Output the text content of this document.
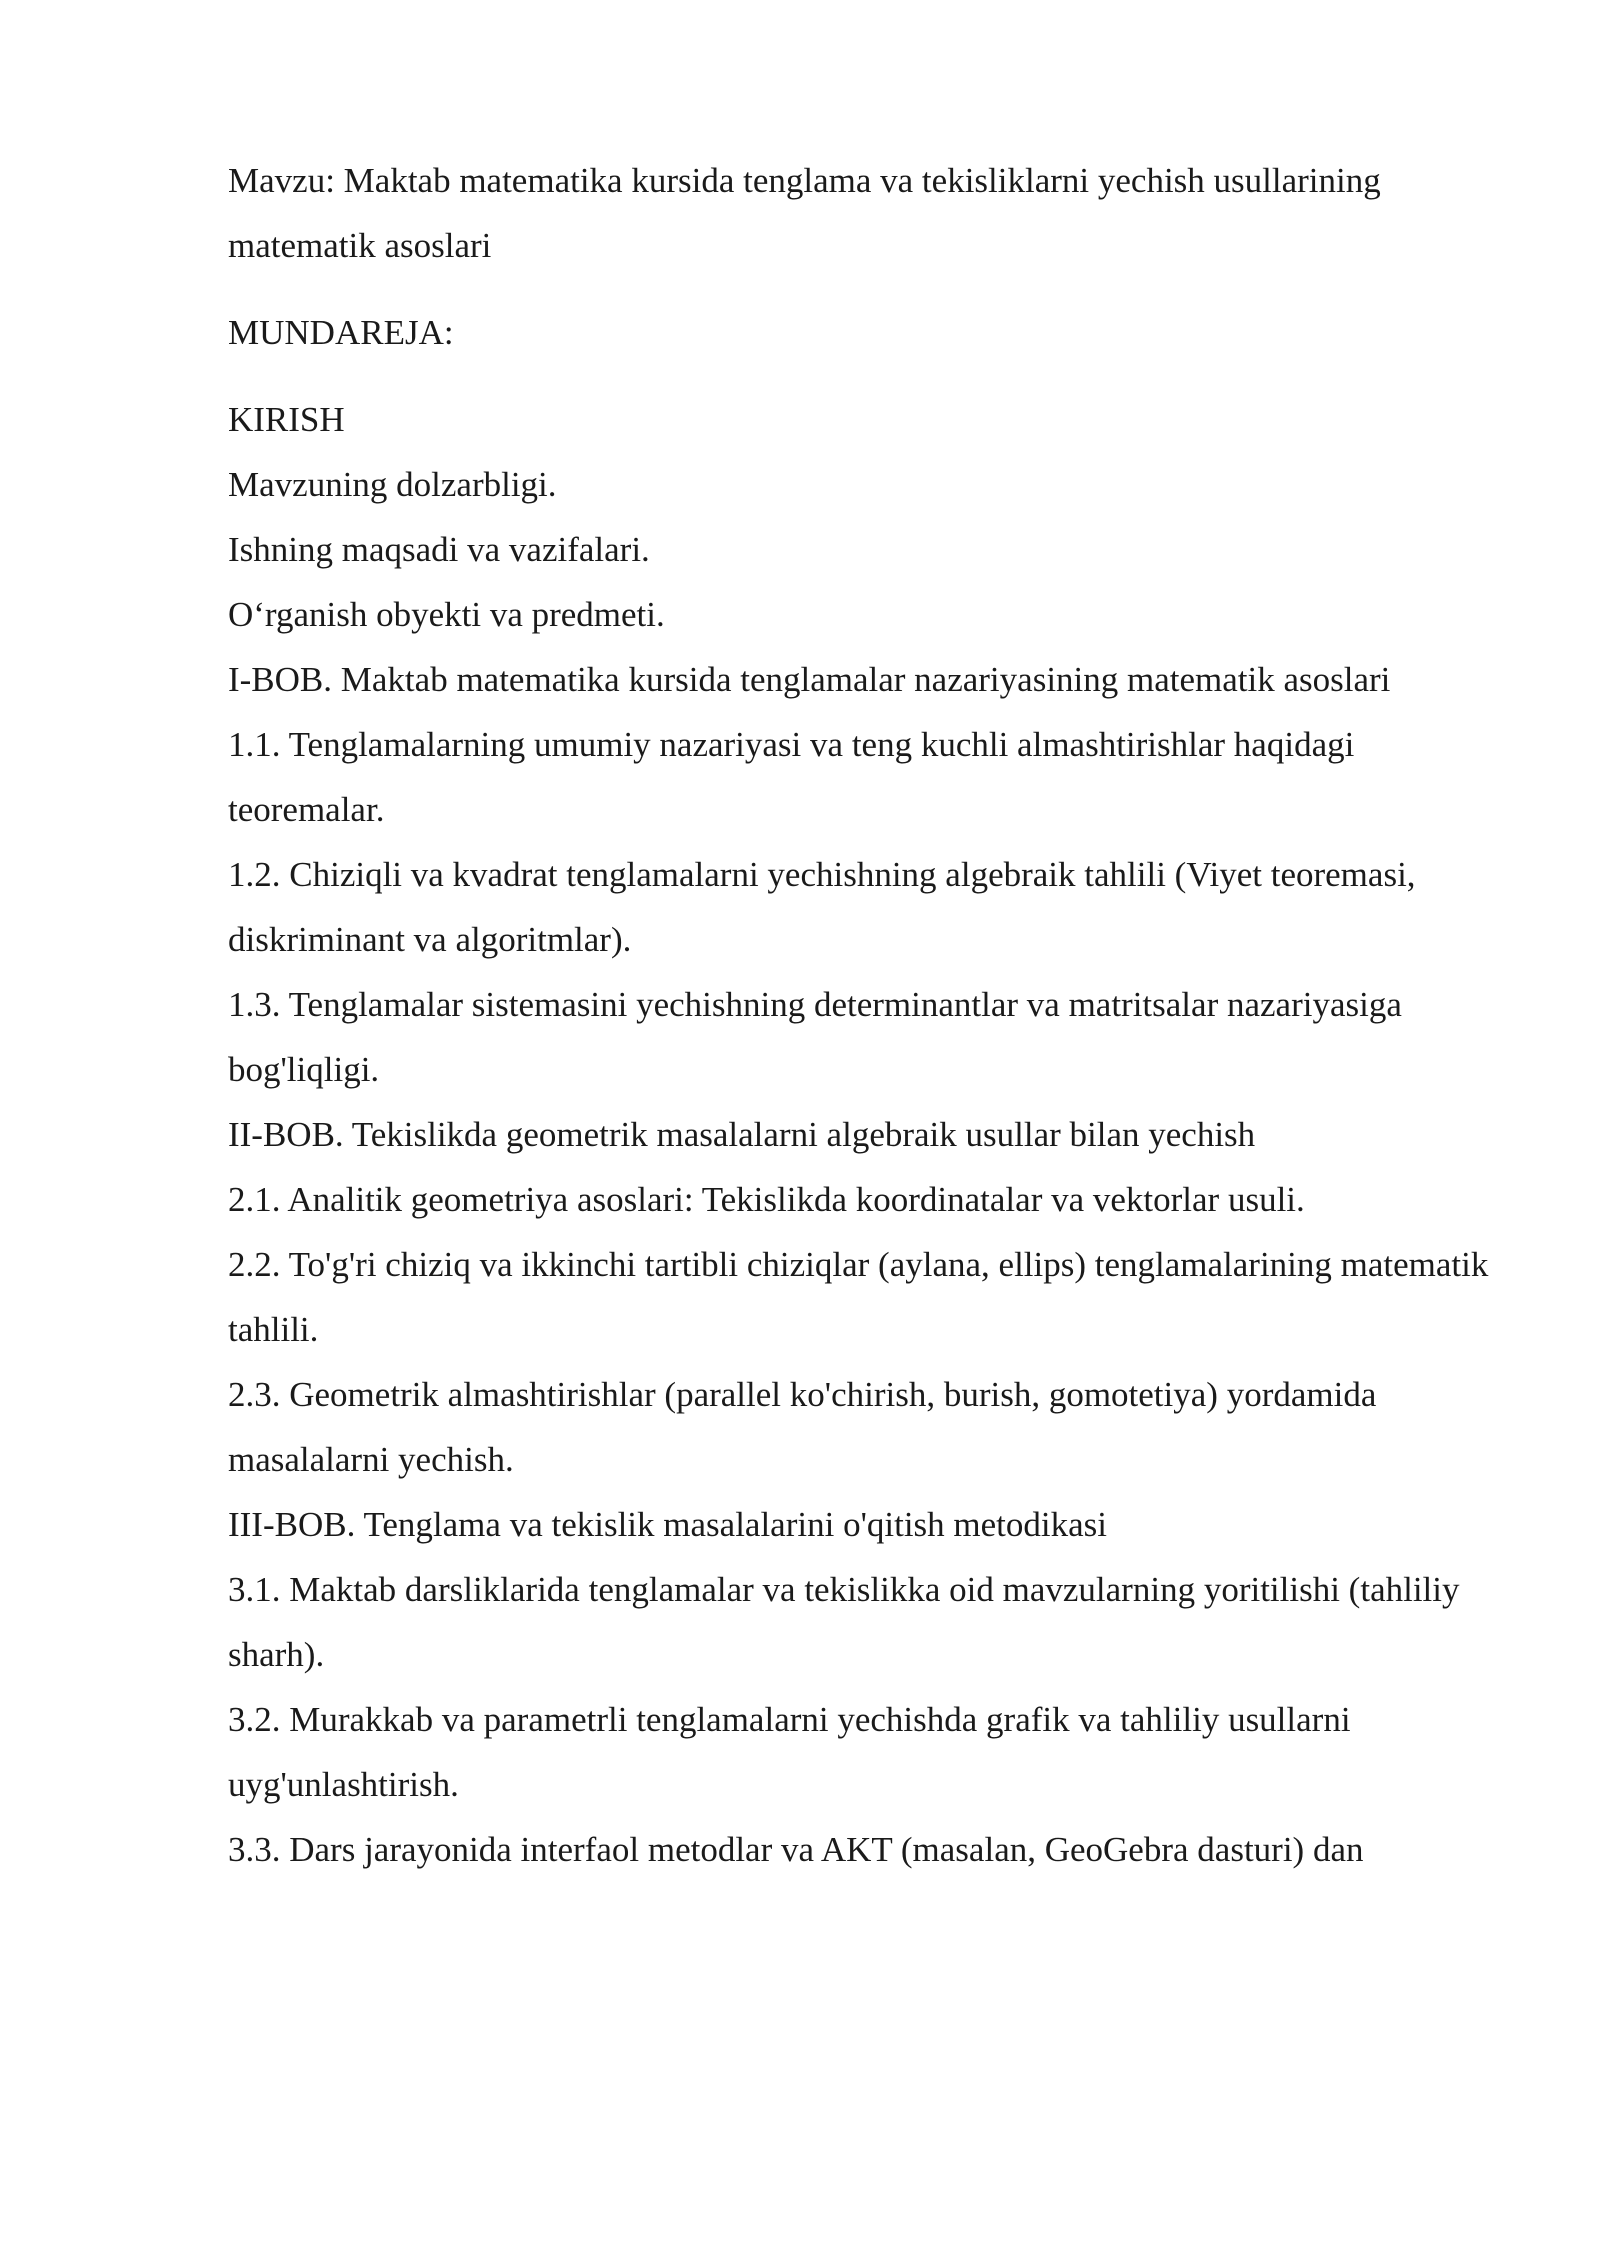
Mavzu: Maktab matematika kursida tenglama va tekisliklarni yechish usullarining matematik asoslari

MUNDAREJA:

KIRISH

Mavzuning dolzarbligi.

Ishning maqsadi va vazifalari.

O‘rganish obyekti va predmeti.

I-BOB. Maktab matematika kursida tenglamalar nazariyasining matematik asoslari

1.1. Tenglamalarning umumiy nazariyasi va teng kuchli almashtirishlar haqidagi teoremalar.

1.2. Chiziqli va kvadrat tenglamalarni yechishning algebraik tahlili (Viyet teoremasi, diskriminant va algoritmlar).

1.3. Tenglamalar sistemasini yechishning determinantlar va matritsalar nazariyasiga bog'liqligi.

II-BOB. Tekislikda geometrik masalalarni algebraik usullar bilan yechish

2.1. Analitik geometriya asoslari: Tekislikda koordinatalar va vektorlar usuli.

2.2. To'g'ri chiziq va ikkinchi tartibli chiziqlar (aylana, ellips) tenglamalarining matematik tahlili.

2.3. Geometrik almashtirishlar (parallel ko'chirish, burish, gomotetiya) yordamida masalalarni yechish.

III-BOB. Tenglama va tekislik masalalarini o'qitish metodikasi

3.1. Maktab darsliklarida tenglamalar va tekislikka oid mavzularning yoritilishi (tahliliy sharh).

3.2. Murakkab va parametrli tenglamalarni yechishda grafik va tahliliy usullarni uyg'unlashtirish.

3.3. Dars jarayonida interfaol metodlar va AKT (masalan, GeoGebra dasturi) dan
